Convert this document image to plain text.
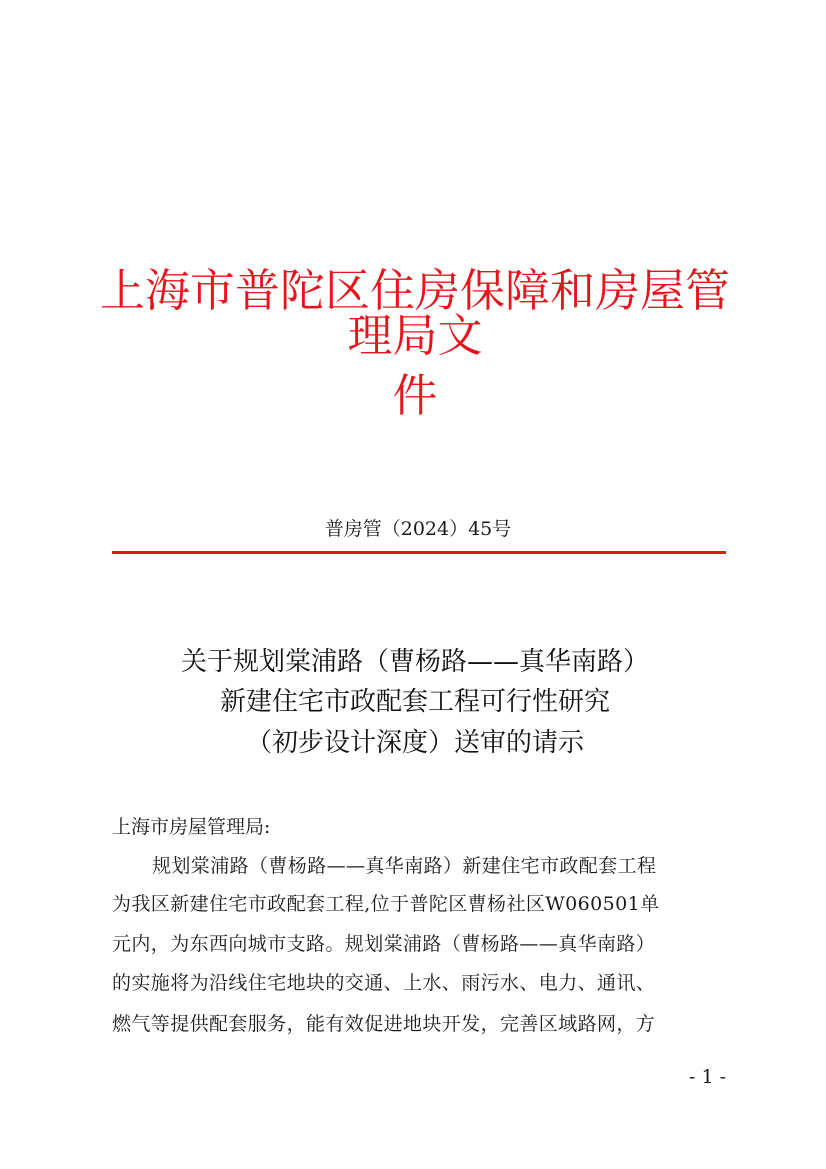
上海市普陀区住房保障和房屋管理局文
件
普房管（2024）45号
关于规划棠浦路（曹杨路——真华南路）
新建住宅市政配套工程可行性研究
（初步设计深度）送审的请示
上海市房屋管理局:
规划棠浦路（曹杨路——真华南路）新建住宅市政配套工程
为我区新建住宅市政配套工程,位于普陀区曹杨社区W060501单
元内，为东西向城市支路。规划棠浦路（曹杨路——真华南路）
的实施将为沿线住宅地块的交通、上水、雨污水、电力、通讯、
燃气等提供配套服务，能有效促进地块开发，完善区域路网，方
- 1 -
